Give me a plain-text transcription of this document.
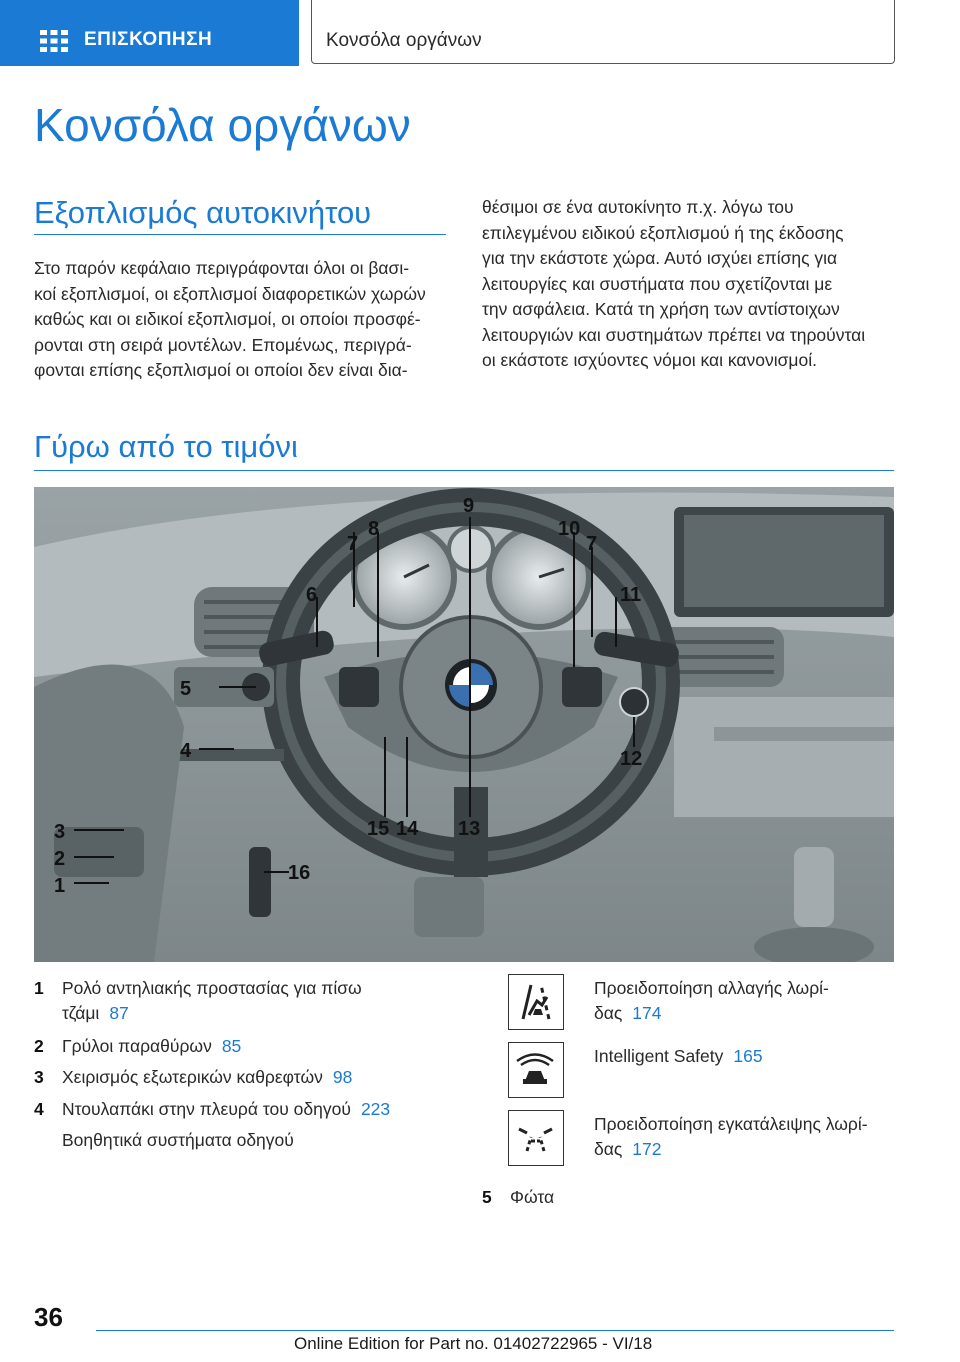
ΕΠΙΣΚΟΠΗΣΗ	Κονσόλα οργάνων
Κονσόλα οργάνων
Εξοπλισμός αυτοκινήτου

Στο παρόν κεφάλαιο περιγράφονται όλοι οι βασι‐
κοί εξοπλισμοί, οι εξοπλισμοί διαφορετικών χωρών
καθώς και οι ειδικοί εξοπλισμοί, οι οποίοι προσφέ‐
ρονται στη σειρά μοντέλων. Επομένως, περιγρά‐
φονται επίσης εξοπλισμοί οι οποίοι δεν είναι δια‐

θέσιμοι σε ένα αυτοκίνητο π.χ. λόγω του
επιλεγμένου ειδικού εξοπλισμού ή της έκδοσης
για την εκάστοτε χώρα. Αυτό ισχύει επίσης για
λειτουργίες και συστήματα που σχετίζονται με
την ασφάλεια. Κατά τη χρήση των αντίστοιχων
λειτουργιών και συστημάτων πρέπει να τηρούνται
οι εκάστοτε ισχύοντες νόμοι και κανονισμοί.

Γύρω από το τιμόνι
1
2
3
4
5
6
7
8
9
10
7
11
12
13
14
15
16
1 Ρολό αντηλιακής προστασίας για πίσω
τζάμι 87
2 Γρύλοι παραθύρων 85
3 Χειρισμός εξωτερικών καθρεφτών 98
4 Ντουλαπάκι στην πλευρά του οδηγού 223
Βοηθητικά συστήματα οδηγού
Προειδοποίηση αλλαγής λωρί‐
δας 174
Intelligent Safety 165
Προειδοποίηση εγκατάλειψης λωρί‐
δας 172
5 Φώτα
36
Online Edition for Part no. 01402722965 - VI/18
